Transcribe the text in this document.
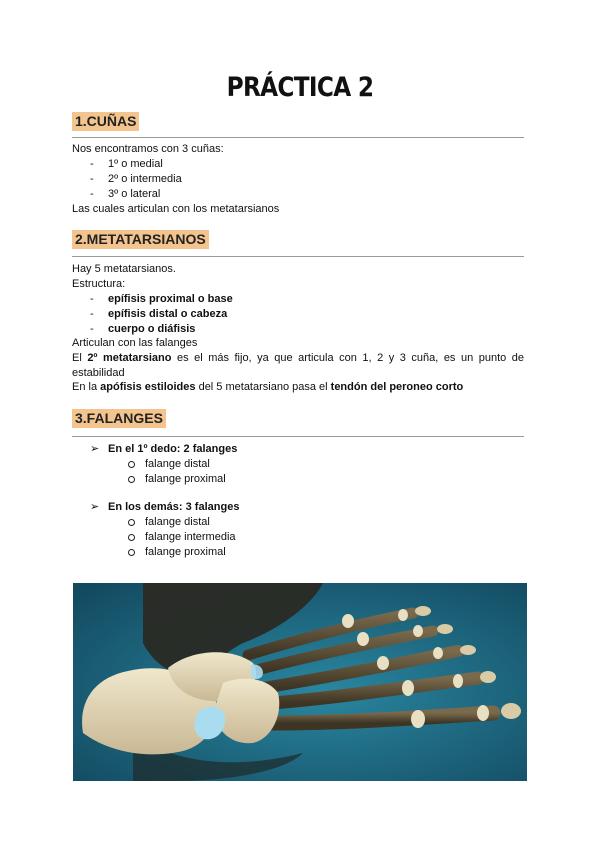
PRÁCTICA 2
1.CUÑAS
Nos encontramos con 3 cuñas:
- 1º o medial
- 2º o intermedia
- 3º o lateral
Las cuales articulan con los metatarsianos
2.METATARSIANOS
Hay 5 metatarsianos.
Estructura:
- epífisis proximal o base
- epífisis distal o cabeza
- cuerpo o diáfisis
Articulan con las falanges
El 2º metatarsiano es el más fijo, ya que articula con 1, 2 y 3 cuña, es un punto de estabilidad
En la apófisis estiloides del 5 metatarsiano pasa el tendón del peroneo corto
3.FALANGES
➢ En el 1º dedo: 2 falanges
falange distal
falange proximal
➢ En los demás: 3 falanges
falange distal
falange intermedia
falange proximal
